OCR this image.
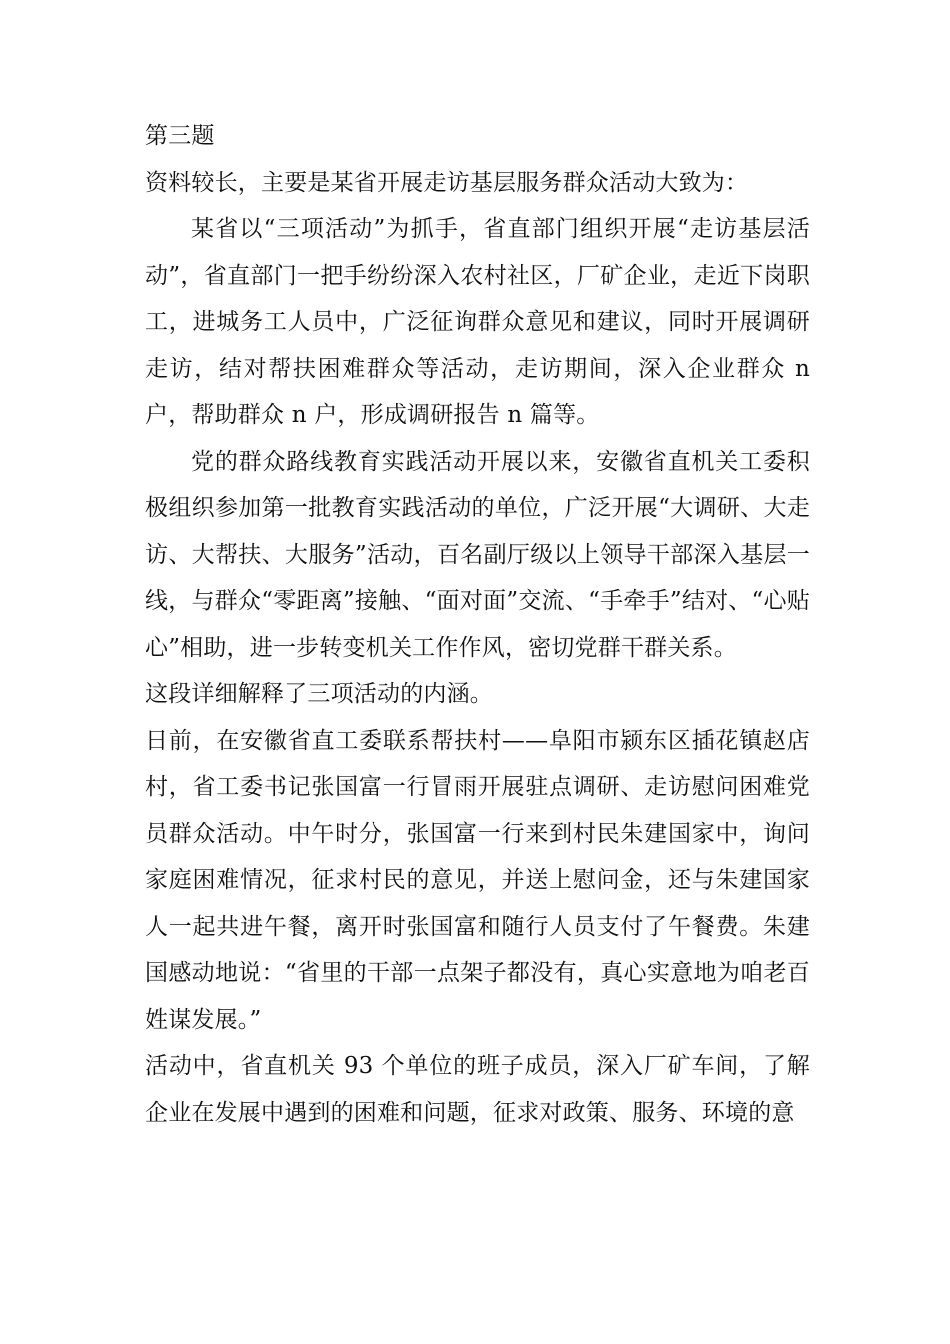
第三题

资料较长，主要是某省开展走访基层服务群众活动大致为：

某省以“三项活动”为抓手，省直部门组织开展“走访基层活动”，省直部门一把手纷纷深入农村社区，厂矿企业，走近下岗职工，进城务工人员中，广泛征询群众意见和建议，同时开展调研走访，结对帮扶困难群众等活动，走访期间，深入企业群众 n 户，帮助群众 n 户，形成调研报告 n 篇等。

党的群众路线教育实践活动开展以来，安徽省直机关工委积极组织参加第一批教育实践活动的单位，广泛开展“大调研、大走访、大帮扶、大服务”活动，百名副厅级以上领导干部深入基层一线，与群众“零距离”接触、“面对面”交流、“手牵手”结对、“心贴心”相助，进一步转变机关工作作风，密切党群干群关系。

这段详细解释了三项活动的内涵。

日前，在安徽省直工委联系帮扶村——阜阳市颍东区插花镇赵店村，省工委书记张国富一行冒雨开展驻点调研、走访慰问困难党员群众活动。中午时分，张国富一行来到村民朱建国家中，询问家庭困难情况，征求村民的意见，并送上慰问金，还与朱建国家人一起共进午餐，离开时张国富和随行人员支付了午餐费。朱建国感动地说：“省里的干部一点架子都没有，真心实意地为咱老百姓谋发展。”

活动中，省直机关 93 个单位的班子成员，深入厂矿车间，了解企业在发展中遇到的困难和问题，征求对政策、服务、环境的意
